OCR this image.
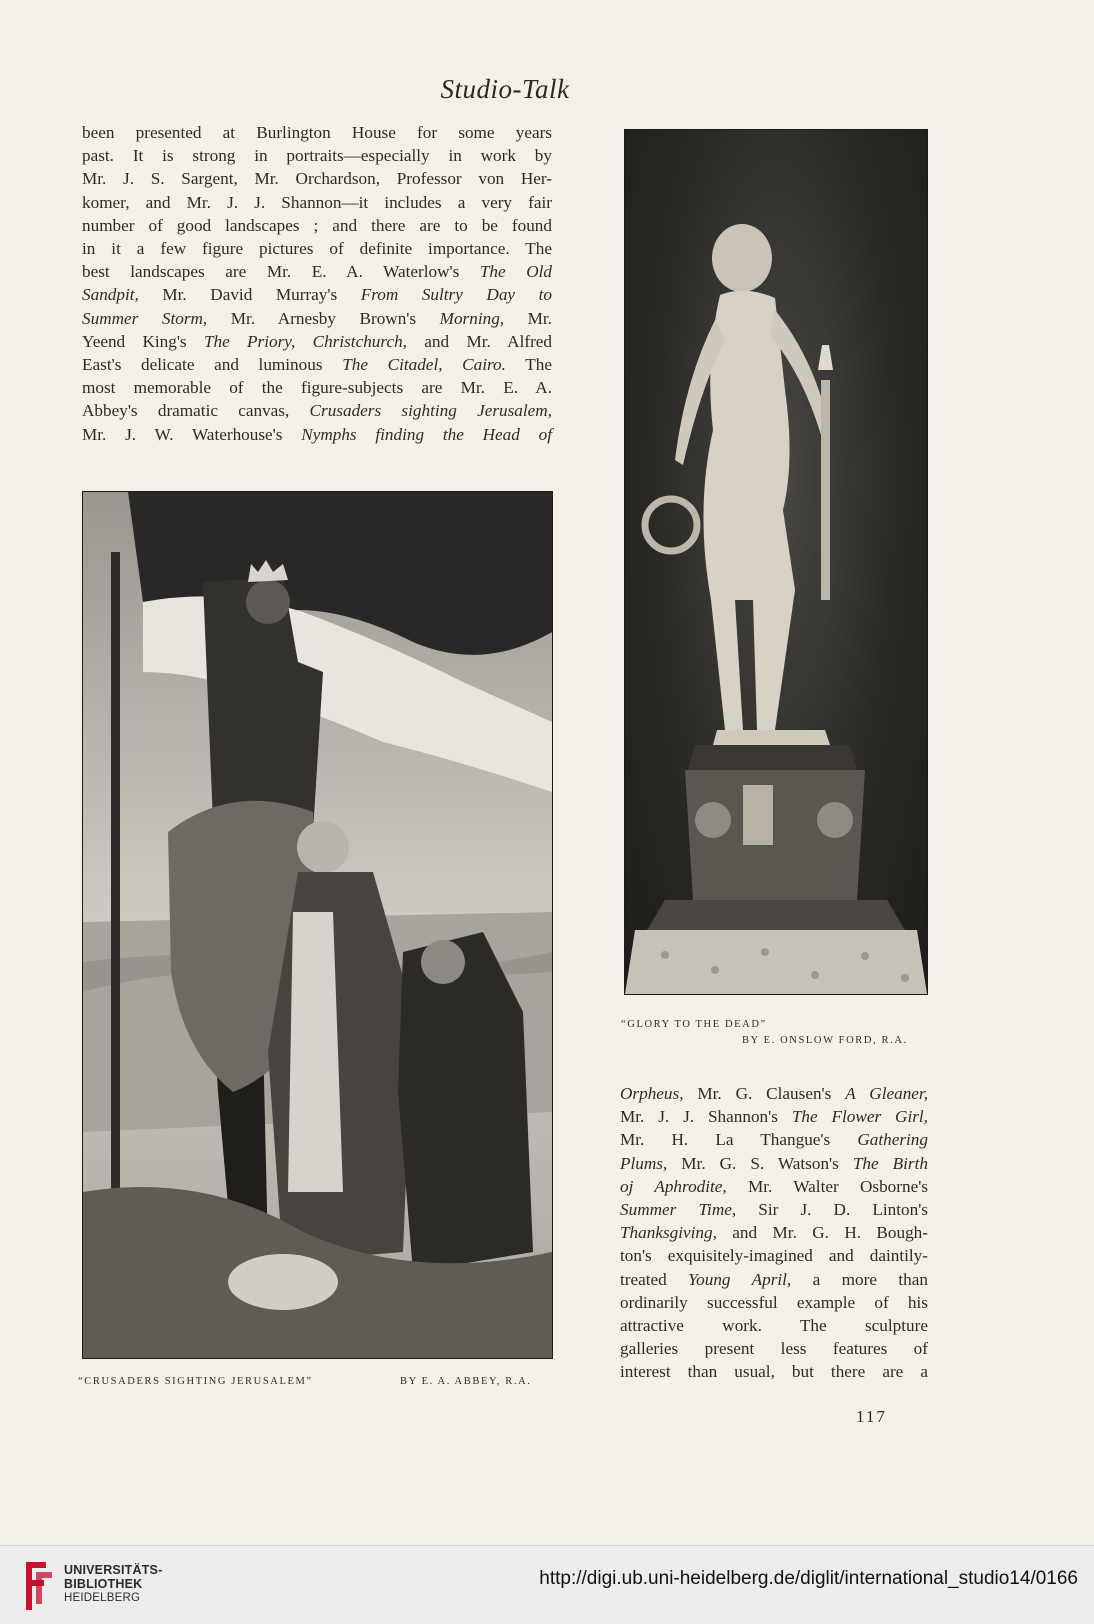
Studio-Talk
been presented at Burlington House for some years
past. It is strong in portraits—especially in work by
Mr. J. S. Sargent, Mr. Orchardson, Professor von Her-
komer, and Mr. J. J. Shannon—it includes a very fair
number of good landscapes ; and there are to be found
in it a few figure pictures of definite importance. The
best landscapes are Mr. E. A. Waterlow's The Old
Sandpit, Mr. David Murray's From Sultry Day to
Summer Storm, Mr. Arnesby Brown's Morning, Mr.
Yeend King's The Priory, Christchurch, and Mr. Alfred
East's delicate and luminous The Citadel, Cairo. The
most memorable of the figure-subjects are Mr. E. A.
Abbey's dramatic canvas, Crusaders sighting Jerusalem,
Mr. J. W. Waterhouse's Nymphs finding the Head of
“CRUSADERS SIGHTING JERUSALEM”	BY E. A. ABBEY, R.A.
“GLORY TO THE DEAD”
BY E. ONSLOW FORD, R.A.
Orpheus, Mr. G. Clausen's A Gleaner,
Mr. J. J. Shannon's The Flower Girl,
Mr. H. La Thangue's Gathering
Plums, Mr. G. S. Watson's The Birth
oj Aphrodite, Mr. Walter Osborne's
Summer Time, Sir J. D. Linton's
Thanksgiving, and Mr. G. H. Bough-
ton's exquisitely-imagined and daintily-
treated Young April, a more than
ordinarily successful example of his
attractive work. The sculpture
galleries present less features of
interest than usual, but there are a
117
UNIVERSITÄTS-
BIBLIOTHEK
HEIDELBERG
http://digi.ub.uni-heidelberg.de/diglit/international_studio14/0166
